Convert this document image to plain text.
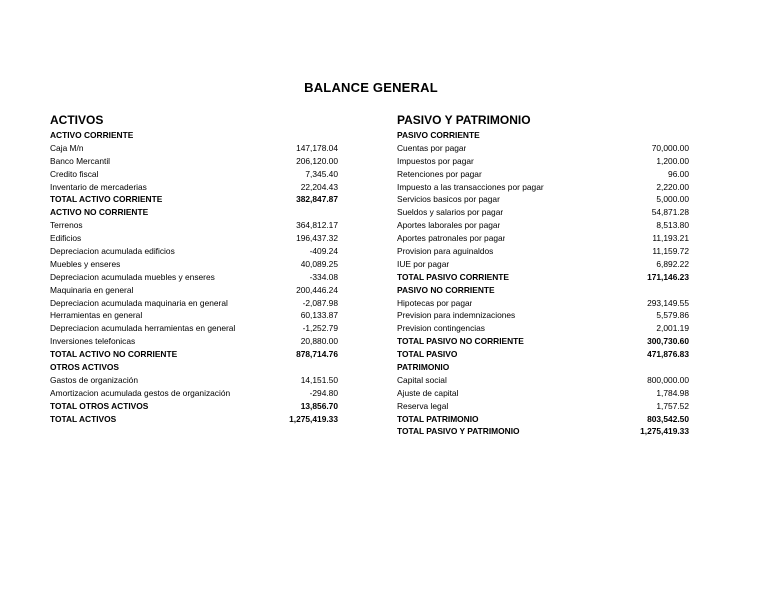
BALANCE GENERAL
ACTIVOS
ACTIVO CORRIENTE
Caja M/n	147,178.04
Banco Mercantil	206,120.00
Credito fiscal	7,345.40
Inventario de mercaderias	22,204.43
TOTAL ACTIVO CORRIENTE	382,847.87
ACTIVO NO CORRIENTE
Terrenos	364,812.17
Edificios	196,437.32
Depreciacion acumulada edificios	-409.24
Muebles y enseres	40,089.25
Depreciacion acumulada muebles y enseres	-334.08
Maquinaria en general	200,446.24
Depreciacion acumulada maquinaria en general	-2,087.98
Herramientas en general	60,133.87
Depreciacion acumulada herramientas en general	-1,252.79
Inversiones telefonicas	20,880.00
TOTAL ACTIVO NO CORRIENTE	878,714.76
OTROS ACTIVOS
Gastos de organización	14,151.50
Amortizacion acumulada gestos de organización	-294.80
TOTAL OTROS ACTIVOS	13,856.70
TOTAL ACTIVOS	1,275,419.33
PASIVO Y PATRIMONIO
PASIVO CORRIENTE
Cuentas por pagar	70,000.00
Impuestos por pagar	1,200.00
Retenciones por pagar	96.00
Impuesto a las transacciones por pagar	2,220.00
Servicios basicos por pagar	5,000.00
Sueldos y salarios por pagar	54,871.28
Aportes laborales por pagar	8,513.80
Aportes patronales por pagar	11,193.21
Provision para aguinaldos	11,159.72
IUE por pagar	6,892.22
TOTAL PASIVO CORRIENTE	171,146.23
PASIVO NO CORRIENTE
Hipotecas por pagar	293,149.55
Prevision para indemnizaciones	5,579.86
Prevision contingencias	2,001.19
TOTAL PASIVO NO CORRIENTE	300,730.60
TOTAL PASIVO	471,876.83
PATRIMONIO
Capital social	800,000.00
Ajuste de capital	1,784.98
Reserva legal	1,757.52
TOTAL PATRIMONIO	803,542.50
TOTAL PASIVO Y PATRIMONIO	1,275,419.33
